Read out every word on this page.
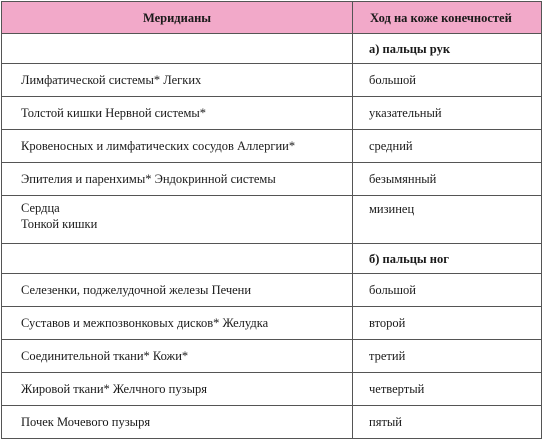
Меридианы	Ход на коже конечностей
	а) пальцы рук
Лимфатической системы* Легких	большой
Толстой кишки Нервной системы*	указательный
Кровеносных и лимфатических сосудов Аллергии*	средний
Эпителия и паренхимы* Эндокринной системы	безымянный

Сердца
Тонкой кишки	мизинец
	б) пальцы ног
Селезенки, поджелудочной железы Печени	большой
Суставов и межпозвонковых дисков* Желудка	второй
Соединительной ткани* Кожи*	третий
Жировой ткани* Желчного пузыря	четвертый
Почек Мочевого пузыря	пятый
